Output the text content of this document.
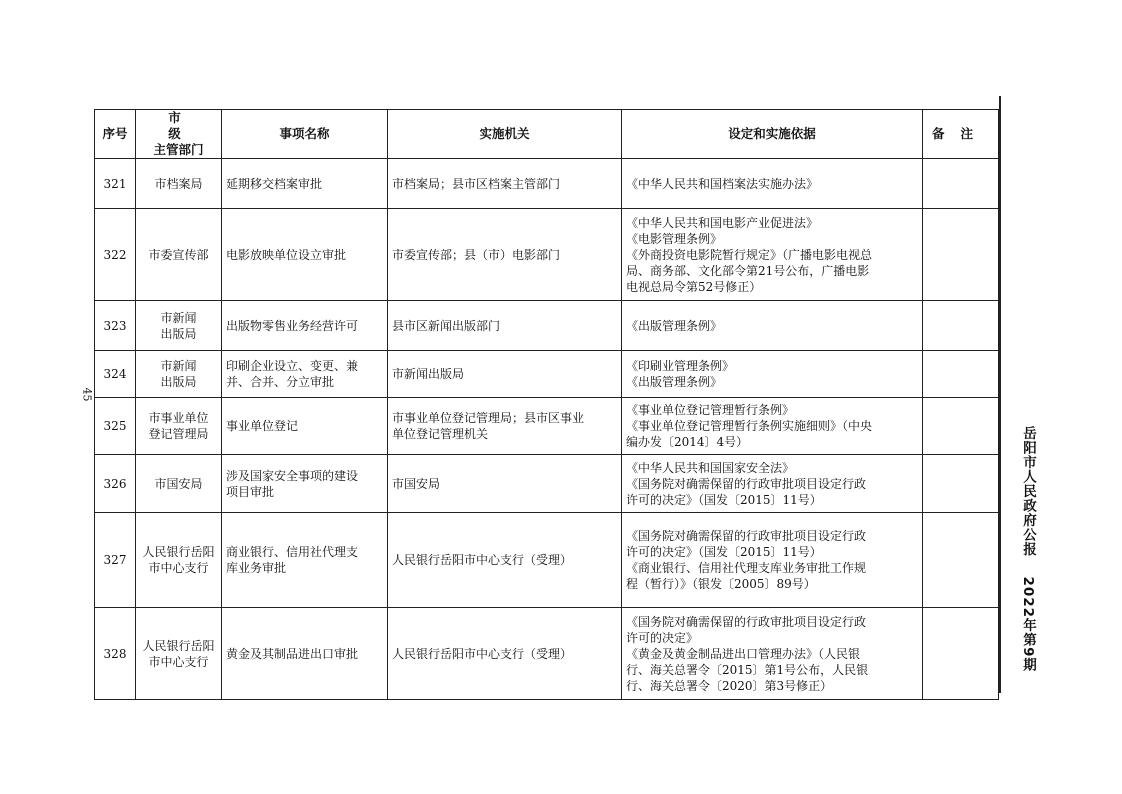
序号	市级
主管部门	事项名称	实施机关	设定和实施依据	备注
321	市档案局	延期移交档案审批	市档案局；县市区档案主管部门	《中华人民共和国档案法实施办法》	

322	市委宣传部	电影放映单位设立审批	市委宣传部；县（市）电影部门	《中华人民共和国电影产业促进法》
《电影管理条例》
《外商投资电影院暂行规定》（广播电影电视总
局、商务部、文化部令第21号公布，广播电影
电视总局令第52号修正）	

323	市新闻
出版局	出版物零售业务经营许可	县市区新闻出版部门	《出版管理条例》	

324	市新闻
出版局	印刷企业设立、变更、兼
并、合并、分立审批	市新闻出版局	《印刷业管理条例》
《出版管理条例》	

325	市事业单位
登记管理局	事业单位登记	市事业单位登记管理局；县市区事业
单位登记管理机关	《事业单位登记管理暂行条例》
《事业单位登记管理暂行条例实施细则》（中央
编办发〔2014〕4号）	

326	市国安局	涉及国家安全事项的建设
项目审批	市国安局	《中华人民共和国国家安全法》
《国务院对确需保留的行政审批项目设定行政
许可的决定》（国发〔2015〕11号）	

327	人民银行岳阳
市中心支行	商业银行、信用社代理支
库业务审批	人民银行岳阳市中心支行（受理）	《国务院对确需保留的行政审批项目设定行政
许可的决定》（国发〔2015〕11号）
《商业银行、信用社代理支库业务审批工作规
程（暂行）》（银发〔2005〕89号）	

328	人民银行岳阳
市中心支行	黄金及其制品进出口审批	人民银行岳阳市中心支行（受理）	《国务院对确需保留的行政审批项目设定行政
许可的决定》
《黄金及黄金制品进出口管理办法》（人民银
行、海关总署令〔2015〕第1号公布，人民银
行、海关总署令〔2020〕第3号修正）	

岳阳市人民政府公报2022年第9期
45
